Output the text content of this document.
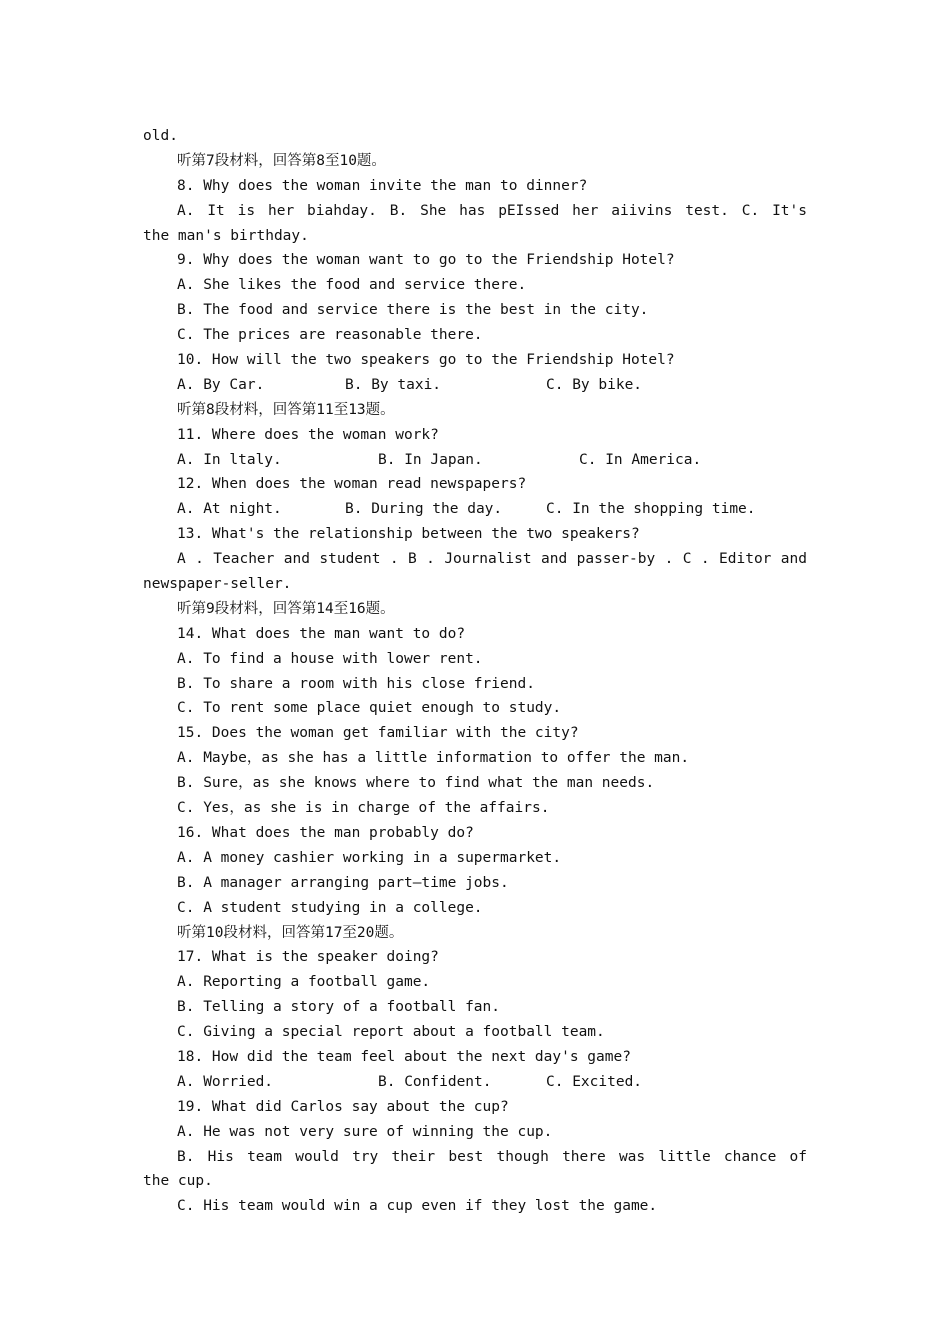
old.
听第7段材料，回答第8至10题。
8. Why does the woman invite the man to dinner?
A. It is her biahday. B. She has pEIssed her aiivins test. C. It's
the man's birthday.
9. Why does the woman want to go to the Friendship Hotel?
A. She likes the food and service there.
B. The food and service there is the best in the city.
C. The prices are reasonable there.
10. How will the two speakers go to the Friendship Hotel?
A. By Car.	B. By taxi.	C. By bike.
听第8段材料，回答第11至13题。
11. Where does the woman work?
A. In ltaly.	B. In Japan.	C. In America.
12. When does the woman read newspapers?
A. At night.	B. During the day.	C. In the shopping time.
13. What's the relationship between the two speakers?
A . Teacher and student . B . Journalist and passer-by . C . Editor and
newspaper-seller.
听第9段材料，回答第14至16题。
14. What does the man want to do?
A. To find a house with lower rent.
B. To share a room with his close friend.
C. To rent some place quiet enough to study.
15. Does the woman get familiar with the city?
A. Maybe，as she has a little information to offer the man.
B. Sure，as she knows where to find what the man needs.
C. Yes，as she is in charge of the affairs.
16. What does the man probably do?
A. A money cashier working in a supermarket.
B. A manager arranging part—time jobs.
C. A student studying in a college.
听第10段材料，回答第17至20题。
17. What is the speaker doing?
A. Reporting a football game.
B. Telling a story of a football fan.
C. Giving a special report about a football team.
18. How did the team feel about the next day's game?
A. Worried.	B. Confident.	C. Excited.
19. What did Carlos say about the cup?
A. He was not very sure of winning the cup.
B. His team would try their best though there was little chance of
the cup.
C. His team would win a cup even if they lost the game.
